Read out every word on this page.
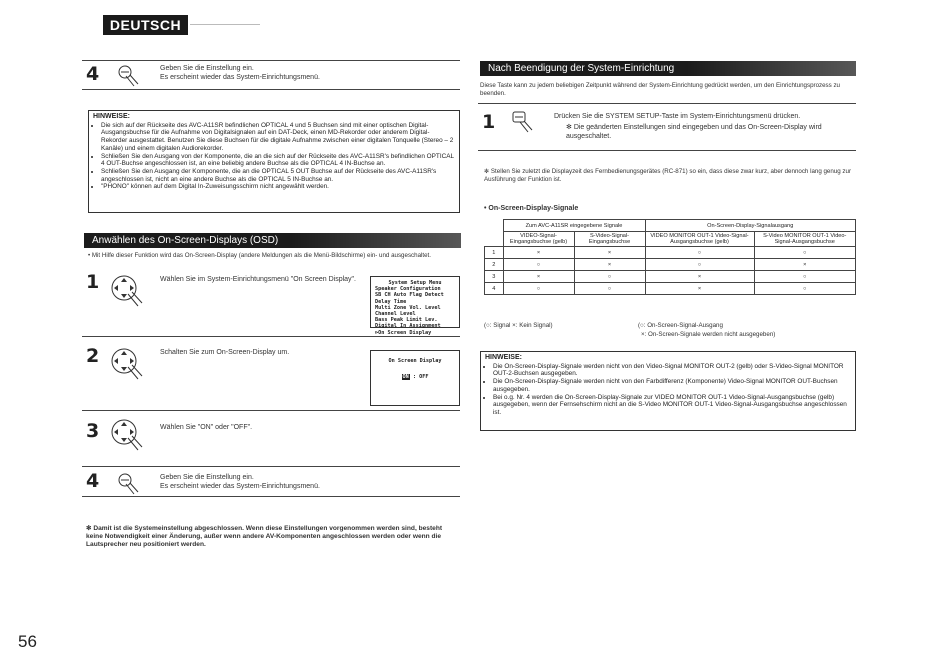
DEUTSCH
4	Geben Sie die Einstellung ein.
Es erscheint wieder das System-Einrichtungsmenü.
HINWEISE:
• Die sich auf der Rückseite des AVC-A11SR befindlichen OPTICAL 4 und 5 Buchsen sind mit einer optischen Digital-Ausgangsbuchse für die Aufnahme von Digitalsignalen auf ein DAT-Deck, einen MD-Rekorder oder anderem Digital-Rekorder ausgestattet. Benutzen Sie diese Buchsen für die digitale Aufnahme zwischen einer digitalen Tonquelle (Stereo – 2 Kanäle) und einem digitalen Audiorekorder.
• Schließen Sie den Ausgang von der Komponente, die an die sich auf der Rückseite des AVC-A11SR's befindlichen OPTICAL 4 OUT-Buchse angeschlossen ist, an eine beliebig andere Buchse als die OPTICAL 4 IN-Buchse an.
• Schließen Sie den Ausgang der Komponente, die an die OPTICAL 5 OUT Buchse auf der Rückseite des AVC-A11SR's angeschlossen ist, nicht an eine andere Buchse als die OPTICAL 5 IN-Buchse an.
• "PHONO" können auf dem Digital In-Zuweisungsschirm nicht angewählt werden.
Anwählen des On-Screen-Displays (OSD)
• Mit Hilfe dieser Funktion wird das On-Screen-Display (andere Meldungen als die Menü-Bildschirme) ein- und ausgeschaltet.
1	Wählen Sie im System-Einrichtungsmenü "On Screen Display".	System Setup Menu
Speaker Configuration
SB CH Auto Flag Detect
Delay Time
Multi Zone Vol. Level
Channel Level
Bass Peak Limit Lev.
Digital In Assignment
⊳On Screen Display
2	Schalten Sie zum On-Screen-Display um.
On Screen Display
ON : OFF
3	Wählen Sie "ON" oder "OFF".
4	Geben Sie die Einstellung ein.
Es erscheint wieder das System-Einrichtungsmenü.
✻ Damit ist die Systemeinstellung abgeschlossen. Wenn diese Einstellungen vorgenommen werden sind, besteht keine Notwendigkeit einer Änderung, außer wenn andere AV-Komponenten angeschlossen werden oder wenn die Lautsprecher neu positioniert werden.
56
Nach Beendigung der System-Einrichtung
Diese Taste kann zu jedem beliebigen Zeitpunkt während der System-Einrichtung gedrückt werden, um den Einrichtungsprozess zu beenden.
1	Drücken Sie die SYSTEM SETUP-Taste im System-Einrichtungsmenü drücken.
✻ Die geänderten Einstellungen sind eingegeben und das On-Screen-Display wird ausgeschaltet.
✻ Stellen Sie zuletzt die Displayzeit des Fernbedienungsgerätes (RC-871) so ein, dass diese zwar kurz, aber dennoch lang genug zur Ausführung der Funktion ist.
• On-Screen-Display-Signale
	Zum AVC-A11SR eingegebene Signale		On-Screen-Display-Signalausgang	
	VIDEO-Signal-Eingangsbuchse (gelb)	S-Video-Signal-Eingangsbuchse	VIDEO MONITOR OUT-1 Video-Signal-Ausgangsbuchse (gelb)	S-Video MONITOR OUT-1 Video-Signal-Ausgangsbuchse
1	×	×	○	○
2	○	×	○	×
3	×	○	×	○
4	○	○	×	○
(○: Signal ×: Kein Signal)	(○: On-Screen-Signal-Ausgang
×: On-Screen-Signale werden nicht ausgegeben)
HINWEISE:
• Die On-Screen-Display-Signale werden nicht von den Video-Signal MONITOR OUT-2 (gelb) oder S-Video-Signal MONITOR OUT-2-Buchsen ausgegeben.
• Die On-Screen-Display-Signale werden nicht von den Farbdifferenz (Komponente) Video-Signal MONITOR OUT-Buchsen ausgegeben.
• Bei o.g. Nr. 4 werden die On-Screen-Display-Signale zur VIDEO MONITOR OUT-1 Video-Signal-Ausgangsbuchse (gelb) ausgegeben, wenn der Fernsehschirm nicht an die S-Video MONITOR OUT-1 Video-Signal-Ausgangsbuchse angeschlossen ist.
